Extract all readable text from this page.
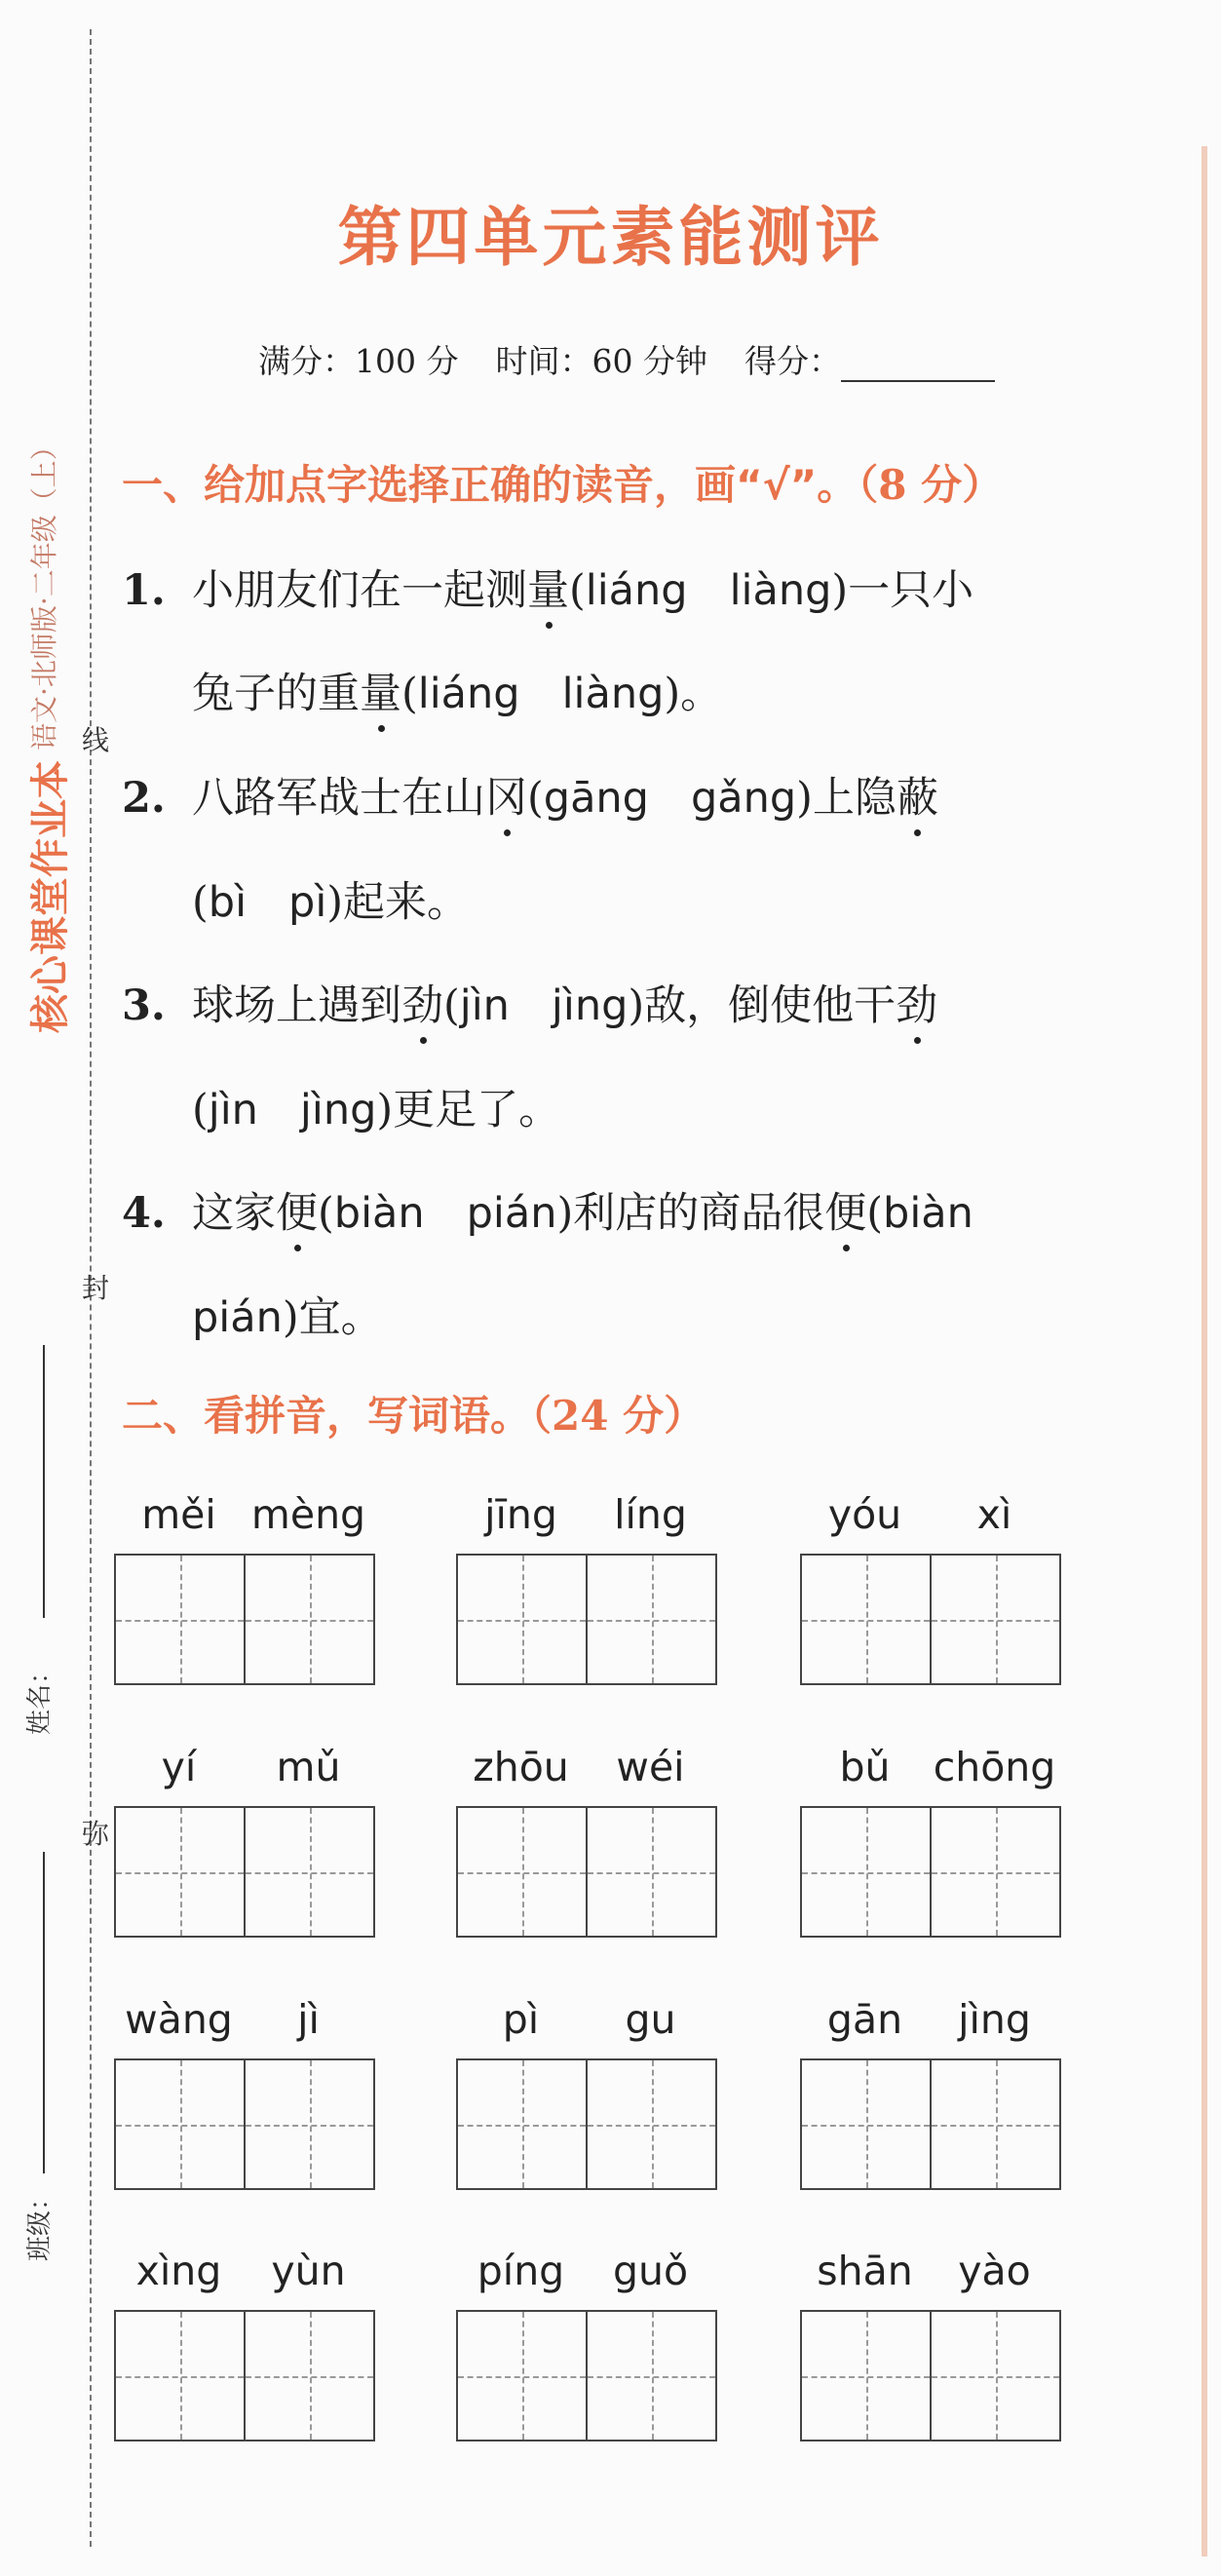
核心课堂作业本
语文·北师版·二年级（上）
姓名：
班级：
线
封
弥
第四单元素能测评
满分：100 分 时间：60 分钟 得分：
一、给加点字选择正确的读音，画“√”。（8 分）
1. 小朋友们在一起测量(liáng　liàng)一只小
兔子的重量(liáng　liàng)。
2. 八路军战士在山冈(gāng　gǎng)上隐蔽
(bì　pì)起来。
3. 球场上遇到劲(jìn　jìng)敌，倒使他干劲
(jìn　jìng)更足了。
4. 这家便(biàn　pián)利店的商品很便(biàn
pián)宜。
二、看拼音，写词语。（24 分）
měi mèng	jīng	líng	yóu	xì
yí	mǔ	zhōu	wéi	bǔ	chōng
wàng	jì	pì	gu	gān	jìng
xìng	yùn	píng	guǒ	shān	yào
